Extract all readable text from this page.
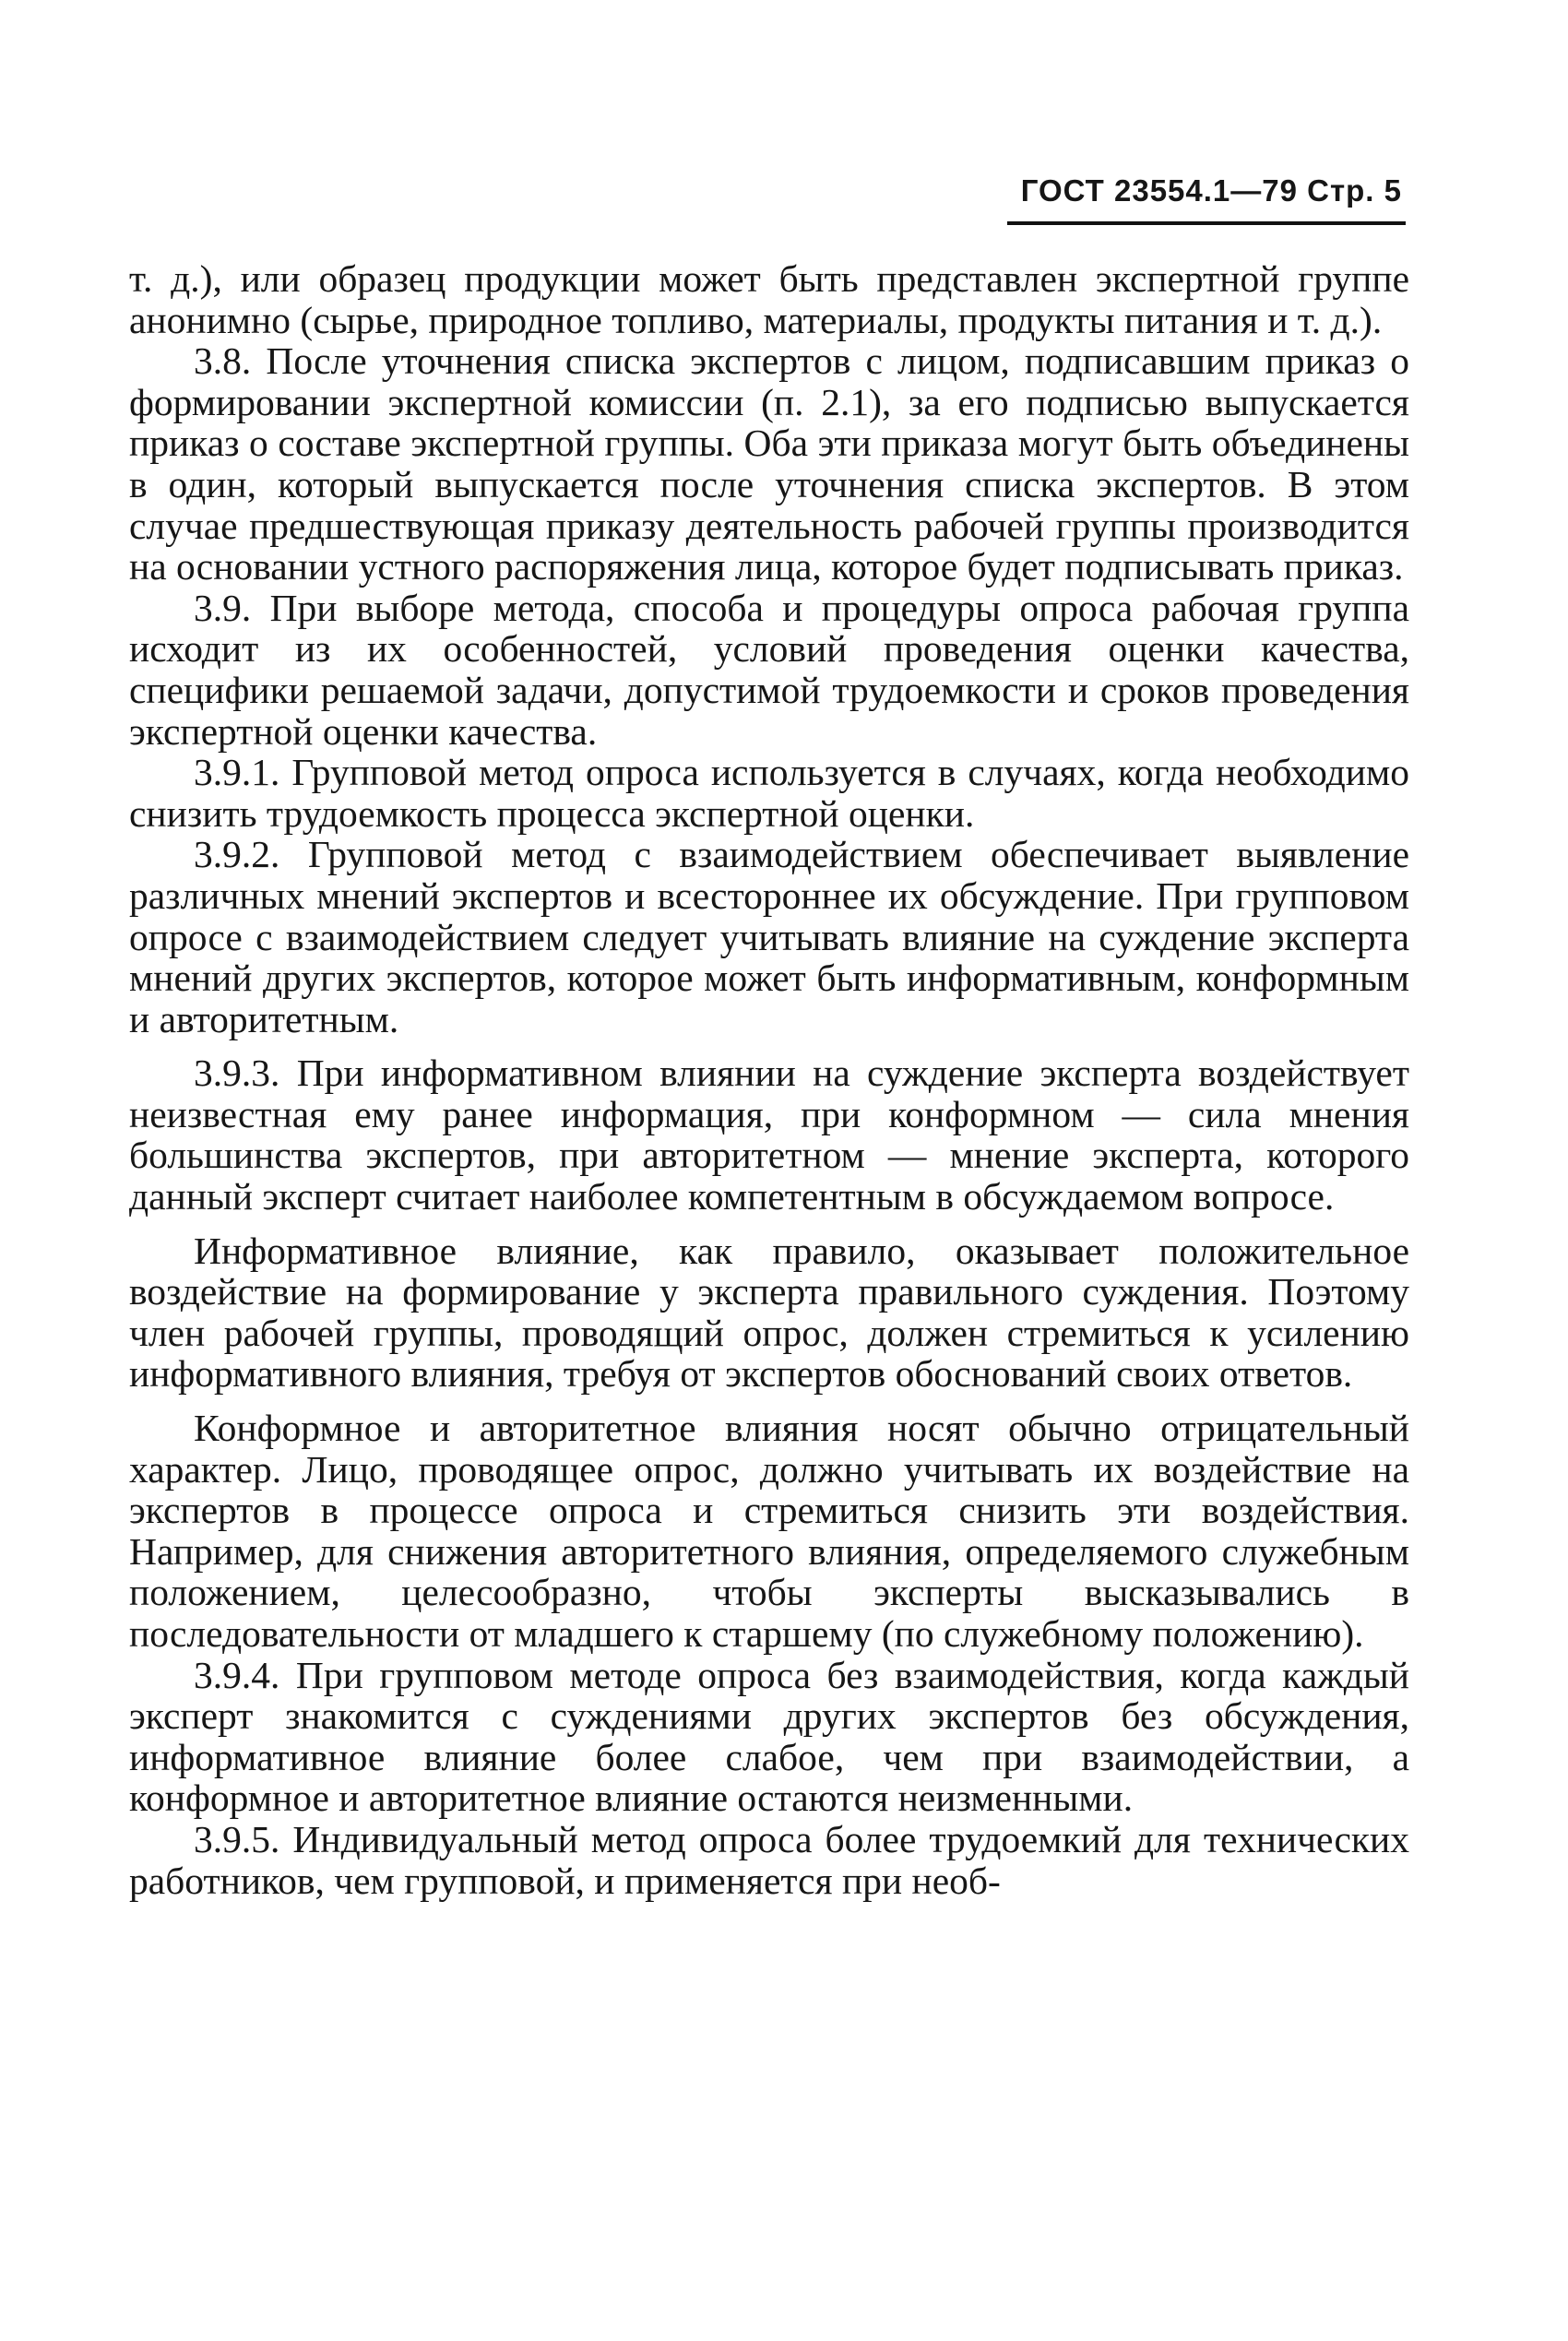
ГОСТ 23554.1—79 Стр. 5

т. д.), или образец продукции может быть представлен экспертной группе анонимно (сырье, природное топливо, материалы, продукты питания и т. д.).

3.8. После уточнения списка экспертов с лицом, подписавшим приказ о формировании экспертной комиссии (п. 2.1), за его подписью выпускается приказ о составе экспертной группы. Оба эти приказа могут быть объединены в один, который выпускается после уточнения списка экспертов. В этом случае предшествующая приказу деятельность рабочей группы производится на основании устного распоряжения лица, которое будет подписывать приказ.

3.9. При выборе метода, способа и процедуры опроса рабочая группа исходит из их особенностей, условий проведения оценки качества, специфики решаемой задачи, допустимой трудоемкости и сроков проведения экспертной оценки качества.

3.9.1. Групповой метод опроса используется в случаях, когда необходимо снизить трудоемкость процесса экспертной оценки.

3.9.2. Групповой метод с взаимодействием обеспечивает выявление различных мнений экспертов и всестороннее их обсуждение. При групповом опросе с взаимодействием следует учитывать влияние на суждение эксперта мнений других экспертов, которое может быть информативным, конформным и авторитетным.

3.9.3. При информативном влиянии на суждение эксперта воздействует неизвестная ему ранее информация, при конформном — сила мнения большинства экспертов, при авторитетном — мнение эксперта, которого данный эксперт считает наиболее компетентным в обсуждаемом вопросе.

Информативное влияние, как правило, оказывает положительное воздействие на формирование у эксперта правильного суждения. Поэтому член рабочей группы, проводящий опрос, должен стремиться к усилению информативного влияния, требуя от экспертов обоснований своих ответов.

Конформное и авторитетное влияния носят обычно отрицательный характер. Лицо, проводящее опрос, должно учитывать их воздействие на экспертов в процессе опроса и стремиться снизить эти воздействия. Например, для снижения авторитетного влияния, определяемого служебным положением, целесообразно, чтобы эксперты высказывались в последовательности от младшего к старшему (по служебному положению).

3.9.4. При групповом методе опроса без взаимодействия, когда каждый эксперт знакомится с суждениями других экспертов без обсуждения, информативное влияние более слабое, чем при взаимодействии, а конформное и авторитетное влияние остаются неизменными.

3.9.5. Индивидуальный метод опроса более трудоемкий для технических работников, чем групповой, и применяется при необ-
